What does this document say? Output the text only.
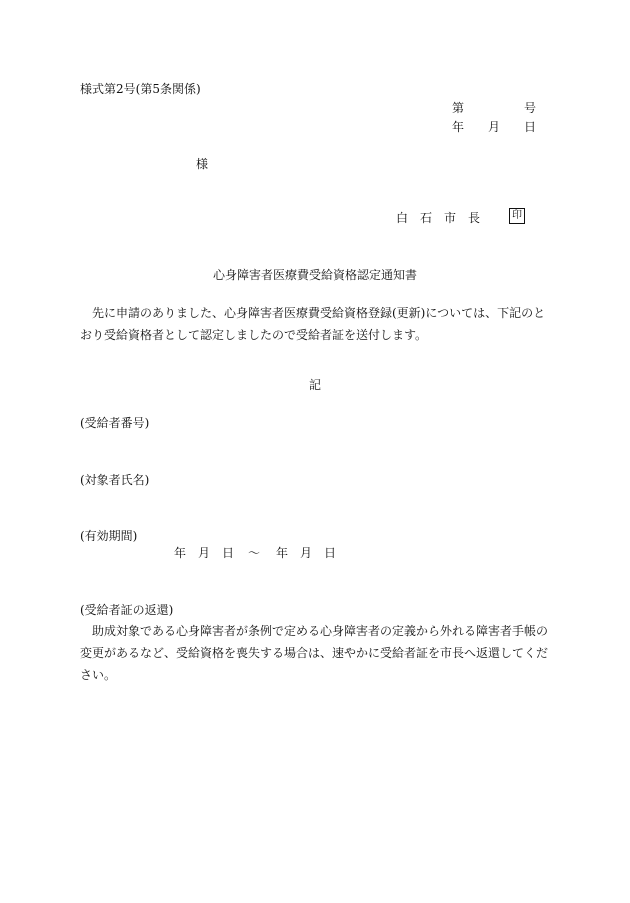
様式第2号(第5条関係)
第	号
年 月 日
様
白 石 市 長	印
心身障害者医療費受給資格認定通知書
先に申請のありました、心身障害者医療費受給資格登録(更新)については、下記のとおり受給資格者として認定しましたので受給者証を送付します。
記
(受給者番号)
(対象者氏名)
(有効期間)
年 月 日 〜 年 月 日
(受給者証の返還)
助成対象である心身障害者が条例で定める心身障害者の定義から外れる障害者手帳の変更があるなど、受給資格を喪失する場合は、速やかに受給者証を市長へ返還してください。
